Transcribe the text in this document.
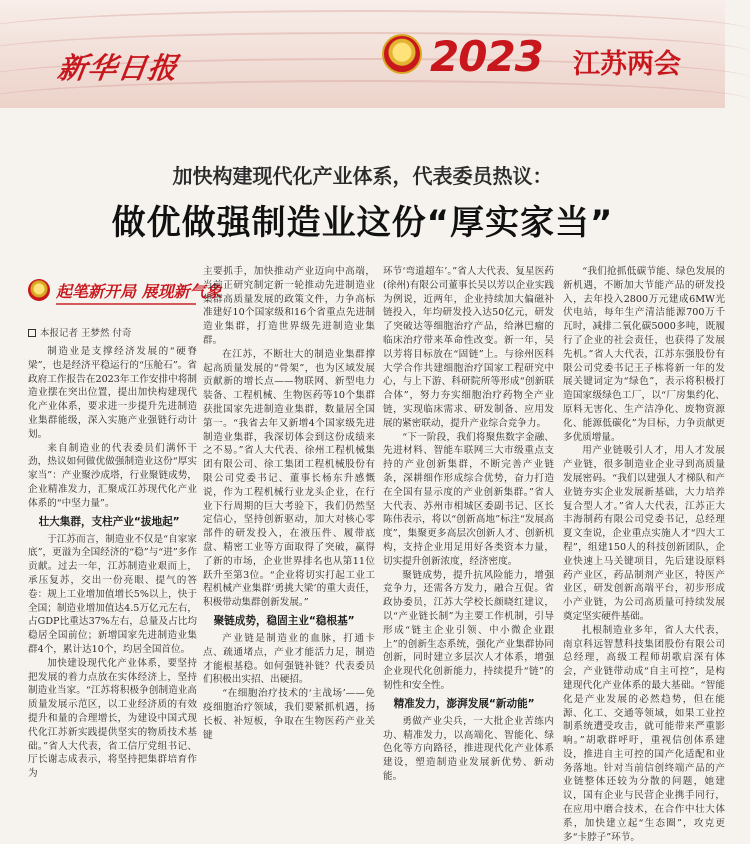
新华日报	2023 江苏两会
加快构建现代化产业体系，代表委员热议：
做优做强制造业这份“厚实家当”
起笔新开局 展现新气象
本报记者 王梦然 付奇

制造业是支撑经济发展的“硬脊梁”，也是经济平稳运行的“压舱石”。省政府工作报告在2023年工作安排中将制造业摆在突出位置，提出加快构建现代化产业体系，要求进一步提升先进制造业集群能级，深入实施产业强链行动计划。

来自制造业的代表委员们满怀干劲，热议如何做优做强制造业这份“厚实家当”：产业聚沙成塔，行业聚链成势，企业精准发力，汇聚成江苏现代化产业体系的“中坚力量”。

壮大集群，支柱产业“拔地起”

于江苏而言，制造业不仅是“自家家底”，更溢为全国经济的“稳”与“进”多作贡献。过去一年，江苏制造业艰而上，承压复苏，交出一份亮眼、提气的答卷：规上工业增加值增长5%以上，快于全国；制造业增加值达4.5万亿元左右，占GDP比重达37%左右，总量及占比均稳居全国前位；新增国家先进制造业集群4个，累计达10个，均居全国首位。

加快建设现代化产业体系，要坚持把发展的着力点放在实体经济上，坚持制造业当家。“江苏将积极争创制造业高质量发展示范区，以工业经济质的有效提升和量的合理增长，为建设中国式现代化江苏新实践提供坚实的物质技术基础。”省人大代表，省工信厅党组书记、厅长谢志成表示，将坚持把集群培育作为

主要抓手，加快推动产业迈向中高端，当前正研究制定新一轮推动先进制造业集群高质量发展的政策文件，力争高标准建好10个国家级和16个省重点先进制造业集群，打造世界级先进制造业集群。

在江苏，不断壮大的制造业集群撑起高质量发展的“骨架”，也为区域发展贡献新的增长点——物联网、新型电力装备、工程机械、生物医药等10个集群获批国家先进制造业集群，数量居全国第一。“我省去年又新增4个国家级先进制造业集群，我深切体会到这份成绩来之不易。”省人大代表、徐州工程机械集团有限公司、徐工集团工程机械股份有限公司党委书记、董事长杨东升感慨说，作为工程机械行业龙头企业，在行业下行周期的巨大考验下，我们仍然坚定信心，坚持创新驱动，加大对核心零部件的研发投入，在液压件、履带底盘、精密工业等方面取得了突破，赢得了新的市场，企业世界排名也从第11位跃升至第3位。“企业将切实打起工业工程机械产业集群‘勇挑大梁’的重大责任，积极带动集群创新发展。”

聚链成势，稳固主业“稳根基”

产业链是制造业的血脉，打通卡点、疏通堵点，产业才能活力足，制造才能根基稳。如何强链补链？代表委员们积极出实招、出硬招。

“在细胞治疗技术的‘主战场’——免疫细胞治疗领域，我们要紧抓机遇，扬长板、补短板，争取在生物医药产业关键

环节‘弯道超车’。”省人大代表、复星医药(徐州)有限公司董事长吴以芳以企业实践为例说，近两年，企业持续加大偏磁补链投入，年均研发投入达50亿元，研发了突破达等细胞治疗产品，给淋巴瘤的临床治疗带来革命性改变。新一年，吴以芳将目标放在“固链”上。与徐州医科大学合作共建细胞治疗国家工程研究中心，与上下游、科研院所等形成“创新联合体”，努力夯实细胞治疗药物全产业链，实现临床需求、研发制备、应用发展的紧密联动，提升产业综合竞争力。

“下一阶段，我们将聚焦数字金融、先进材料、智能车联网三大市级重点支持的产业创新集群，不断完善产业链条，深耕细作形成综合优势，奋力打造在全国有显示度的产业创新集群。”省人大代表、苏州市相城区委副书记、区长陈伟表示，将以“创新高地”标注“发展高度”，集聚更多高层次创新人才、创新机构，支持企业用足用好各类资本力量，切实提升创新浓度，经济密度。

聚链成势，提升抗风险能力，增强竞争力，还需各方发力，融合互促。省政协委员，江苏大学校长颜晓红建议，以“产业链长制”为主要工作机制，引导形成“链主企业引领、中小微企业跟上”的创新生态系统，强化产业集群协同创新，同时建立多层次人才体系，增强企业现代化创新能力，持续提升“链”的韧性和安全性。

精准发力，澎湃发展“新动能”

勇做产业尖兵，一大批企业苦练内功、精准发力，以高端化、智能化、绿色化等方向路径，推进现代化产业体系建设，塑造制造业发展新优势、新动能。

“我们抢抓低碳节能、绿色发展的新机遇，不断加大节能产品的研发投入，去年投入2800万元建成6MW光伏电站，每年生产清洁能源700万千瓦时，减排二氧化碳5000多吨，既履行了企业的社会责任，也获得了发展先机。”省人大代表，江苏东强股份有限公司党委书记王子栋将新一年的发展关键词定为“绿色”，表示将积极打造国家级绿色工厂，以“厂房集约化、原料无害化、生产洁净化、废物资源化、能源低碳化”为目标，力争贡献更多优质增量。

用产业链吸引人才，用人才发展产业链，很多制造业企业寻到高质量发展密码。“我们以建强人才梯队和产业链夯实企业发展新基础，大力培养复合型人才。”省人大代表，江苏正大丰海制药有限公司党委书记，总经理夏文奎说，企业重点实施人才“四大工程”，组建150人的科技创新团队，企业快速上马关键项目，先后建设原料药产业区，药品制剂产业区，特医产业区，研发创新高端平台，初步形成小产业链，为公司高质量可持续发展奠定坚实硬件基础。

扎根制造业多年，省人大代表，南京科远智慧科技集团股份有限公司总经理，高级工程师胡歌启深有体会，产业链带动成“自主可控”，是构建现代化产业体系的最大基础。“智能化是产业发展的必然趋势，但在能源、化工、交通等领域，如果工业控制系统遭受攻击，就可能带来严重影响。”胡歌群呼吁，重视信创体系建设，推进自主可控的国产化适配和业务落地。针对当前信创终端产品的产业链整体还较为分散的问题，她建议，国有企业与民营企业携手同行，在应用中磨合技术，在合作中壮大体系，加快建立起“生态圈”，攻克更多“卡脖子”环节。
